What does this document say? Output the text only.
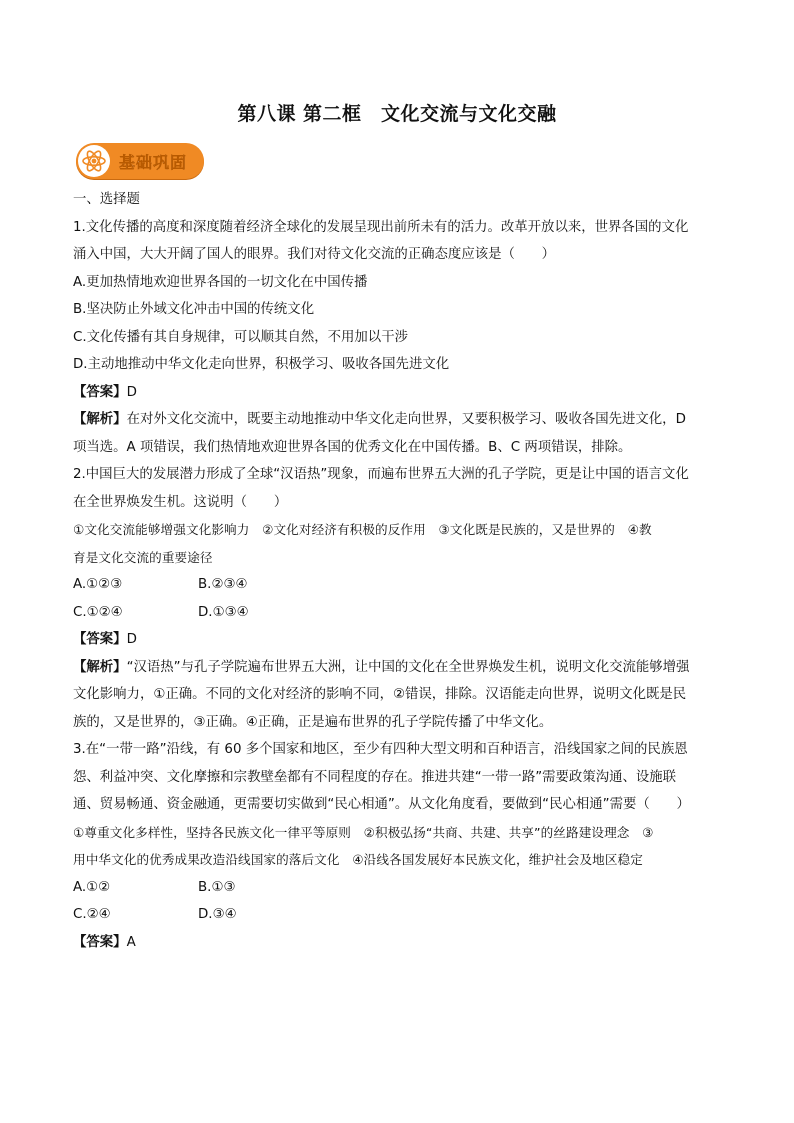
第八课 第二框　文化交流与文化交融
基础巩固
一、选择题
1.文化传播的高度和深度随着经济全球化的发展呈现出前所未有的活力。改革开放以来，世界各国的文化
涌入中国，大大开阔了国人的眼界。我们对待文化交流的正确态度应该是（　　）
A.更加热情地欢迎世界各国的一切文化在中国传播
B.坚决防止外域文化冲击中国的传统文化
C.文化传播有其自身规律，可以顺其自然，不用加以干涉
D.主动地推动中华文化走向世界，积极学习、吸收各国先进文化
【答案】D
【解析】在对外文化交流中，既要主动地推动中华文化走向世界，又要积极学习、吸收各国先进文化，D
项当选。A 项错误，我们热情地欢迎世界各国的优秀文化在中国传播。B、C 两项错误，排除。
2.中国巨大的发展潜力形成了全球“汉语热”现象，而遍布世界五大洲的孔子学院，更是让中国的语言文化
在全世界焕发生机。这说明（　　）
①文化交流能够增强文化影响力　②文化对经济有积极的反作用　③文化既是民族的，又是世界的　④教
育是文化交流的重要途径
A.①②③	B.②③④
C.①②④	D.①③④
【答案】D
【解析】“汉语热”与孔子学院遍布世界五大洲，让中国的文化在全世界焕发生机，说明文化交流能够增强
文化影响力，①正确。不同的文化对经济的影响不同，②错误，排除。汉语能走向世界，说明文化既是民
族的，又是世界的，③正确。④正确，正是遍布世界的孔子学院传播了中华文化。
3.在“一带一路”沿线，有 60 多个国家和地区，至少有四种大型文明和百种语言，沿线国家之间的民族恩
怨、利益冲突、文化摩擦和宗教壁垒都有不同程度的存在。推进共建“一带一路”需要政策沟通、设施联
通、贸易畅通、资金融通，更需要切实做到“民心相通”。从文化角度看，要做到“民心相通”需要（　　）
①尊重文化多样性，坚持各民族文化一律平等原则　②积极弘扬“共商、共建、共享”的丝路建设理念　③
用中华文化的优秀成果改造沿线国家的落后文化　④沿线各国发展好本民族文化，维护社会及地区稳定
A.①②	B.①③
C.②④	D.③④
【答案】A
